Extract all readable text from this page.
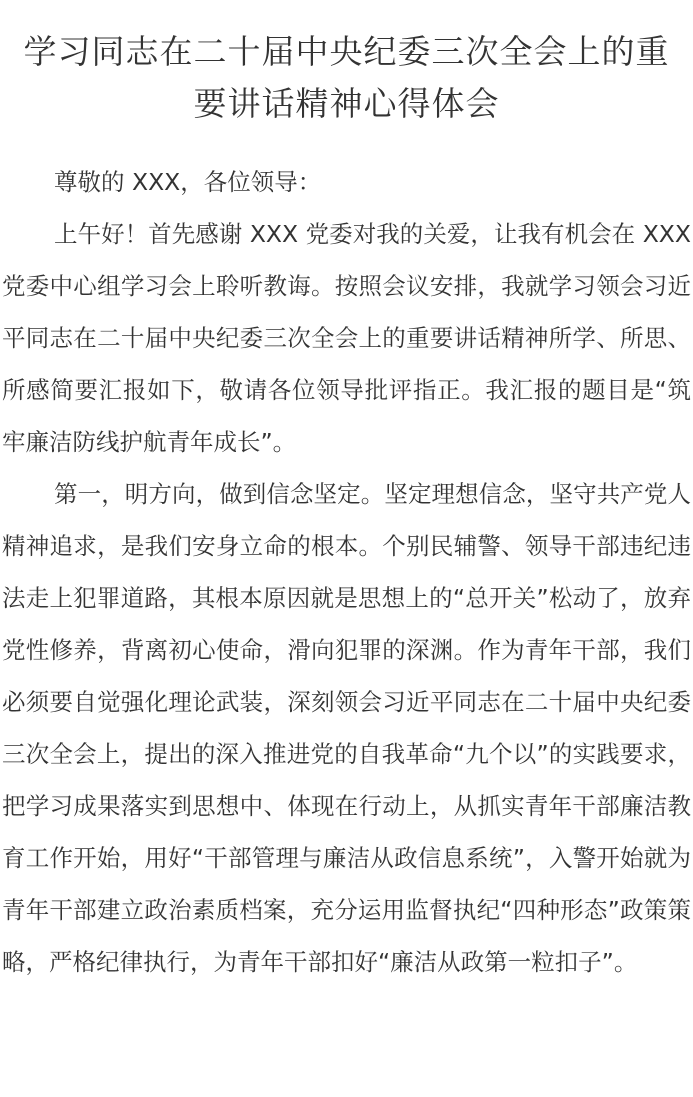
学习同志在二十届中央纪委三次全会上的重
要讲话精神心得体会

尊敬的 XXX，各位领导：

上午好！首先感谢 XXX 党委对我的关爱，让我有机会在 XXX 党委中心组学习会上聆听教诲。按照会议安排，我就学习领会习近平同志在二十届中央纪委三次全会上的重要讲话精神所学、所思、所感简要汇报如下，敬请各位领导批评指正。我汇报的题目是“筑牢廉洁防线护航青年成长”。

第一，明方向，做到信念坚定。坚定理想信念，坚守共产党人精神追求，是我们安身立命的根本。个别民辅警、领导干部违纪违法走上犯罪道路，其根本原因就是思想上的“总开关”松动了，放弃党性修养，背离初心使命，滑向犯罪的深渊。作为青年干部，我们必须要自觉强化理论武装，深刻领会习近平同志在二十届中央纪委三次全会上，提出的深入推进党的自我革命“九个以”的实践要求，把学习成果落实到思想中、体现在行动上，从抓实青年干部廉洁教育工作开始，用好“干部管理与廉洁从政信息系统”，入警开始就为青年干部建立政治素质档案，充分运用监督执纪“四种形态”政策策略，严格纪律执行，为青年干部扣好“廉洁从政第一粒扣子”。
